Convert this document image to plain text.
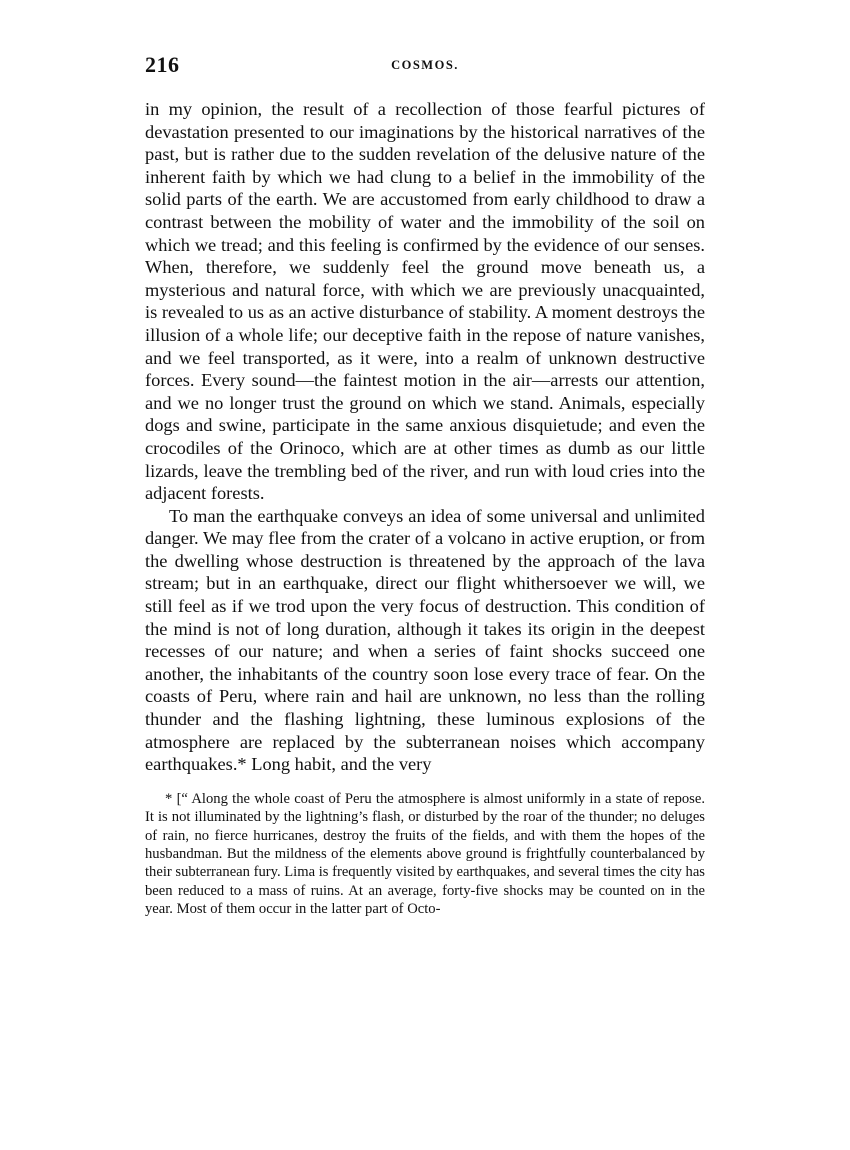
216	COSMOS.

in my opinion, the result of a recollection of those fearful pictures of devastation presented to our imaginations by the historical narratives of the past, but is rather due to the sudden revelation of the delusive nature of the inherent faith by which we had clung to a belief in the immobility of the solid parts of the earth. We are accustomed from early childhood to draw a contrast between the mobility of water and the immobility of the soil on which we tread; and this feeling is confirmed by the evidence of our senses. When, therefore, we suddenly feel the ground move beneath us, a mysterious and natural force, with which we are previously unacquainted, is revealed to us as an active disturbance of stability. A moment destroys the illusion of a whole life; our deceptive faith in the repose of nature vanishes, and we feel transported, as it were, into a realm of unknown destructive forces. Every sound—the faintest motion in the air—arrests our attention, and we no longer trust the ground on which we stand. Animals, especially dogs and swine, participate in the same anxious disquietude; and even the crocodiles of the Orinoco, which are at other times as dumb as our little lizards, leave the trembling bed of the river, and run with loud cries into the adjacent forests.

To man the earthquake conveys an idea of some universal and unlimited danger. We may flee from the crater of a volcano in active eruption, or from the dwelling whose destruction is threatened by the approach of the lava stream; but in an earthquake, direct our flight whithersoever we will, we still feel as if we trod upon the very focus of destruction. This condition of the mind is not of long duration, although it takes its origin in the deepest recesses of our nature; and when a series of faint shocks succeed one another, the inhabitants of the country soon lose every trace of fear. On the coasts of Peru, where rain and hail are unknown, no less than the rolling thunder and the flashing lightning, these luminous explosions of the atmosphere are replaced by the subterranean noises which accompany earthquakes.* Long habit, and the very

* [“ Along the whole coast of Peru the atmosphere is almost uniformly in a state of repose. It is not illuminated by the lightning’s flash, or disturbed by the roar of the thunder; no deluges of rain, no fierce hurricanes, destroy the fruits of the fields, and with them the hopes of the husbandman. But the mildness of the elements above ground is frightfully counterbalanced by their subterranean fury. Lima is frequently visited by earthquakes, and several times the city has been reduced to a mass of ruins. At an average, forty-five shocks may be counted on in the year. Most of them occur in the latter part of Octo-
